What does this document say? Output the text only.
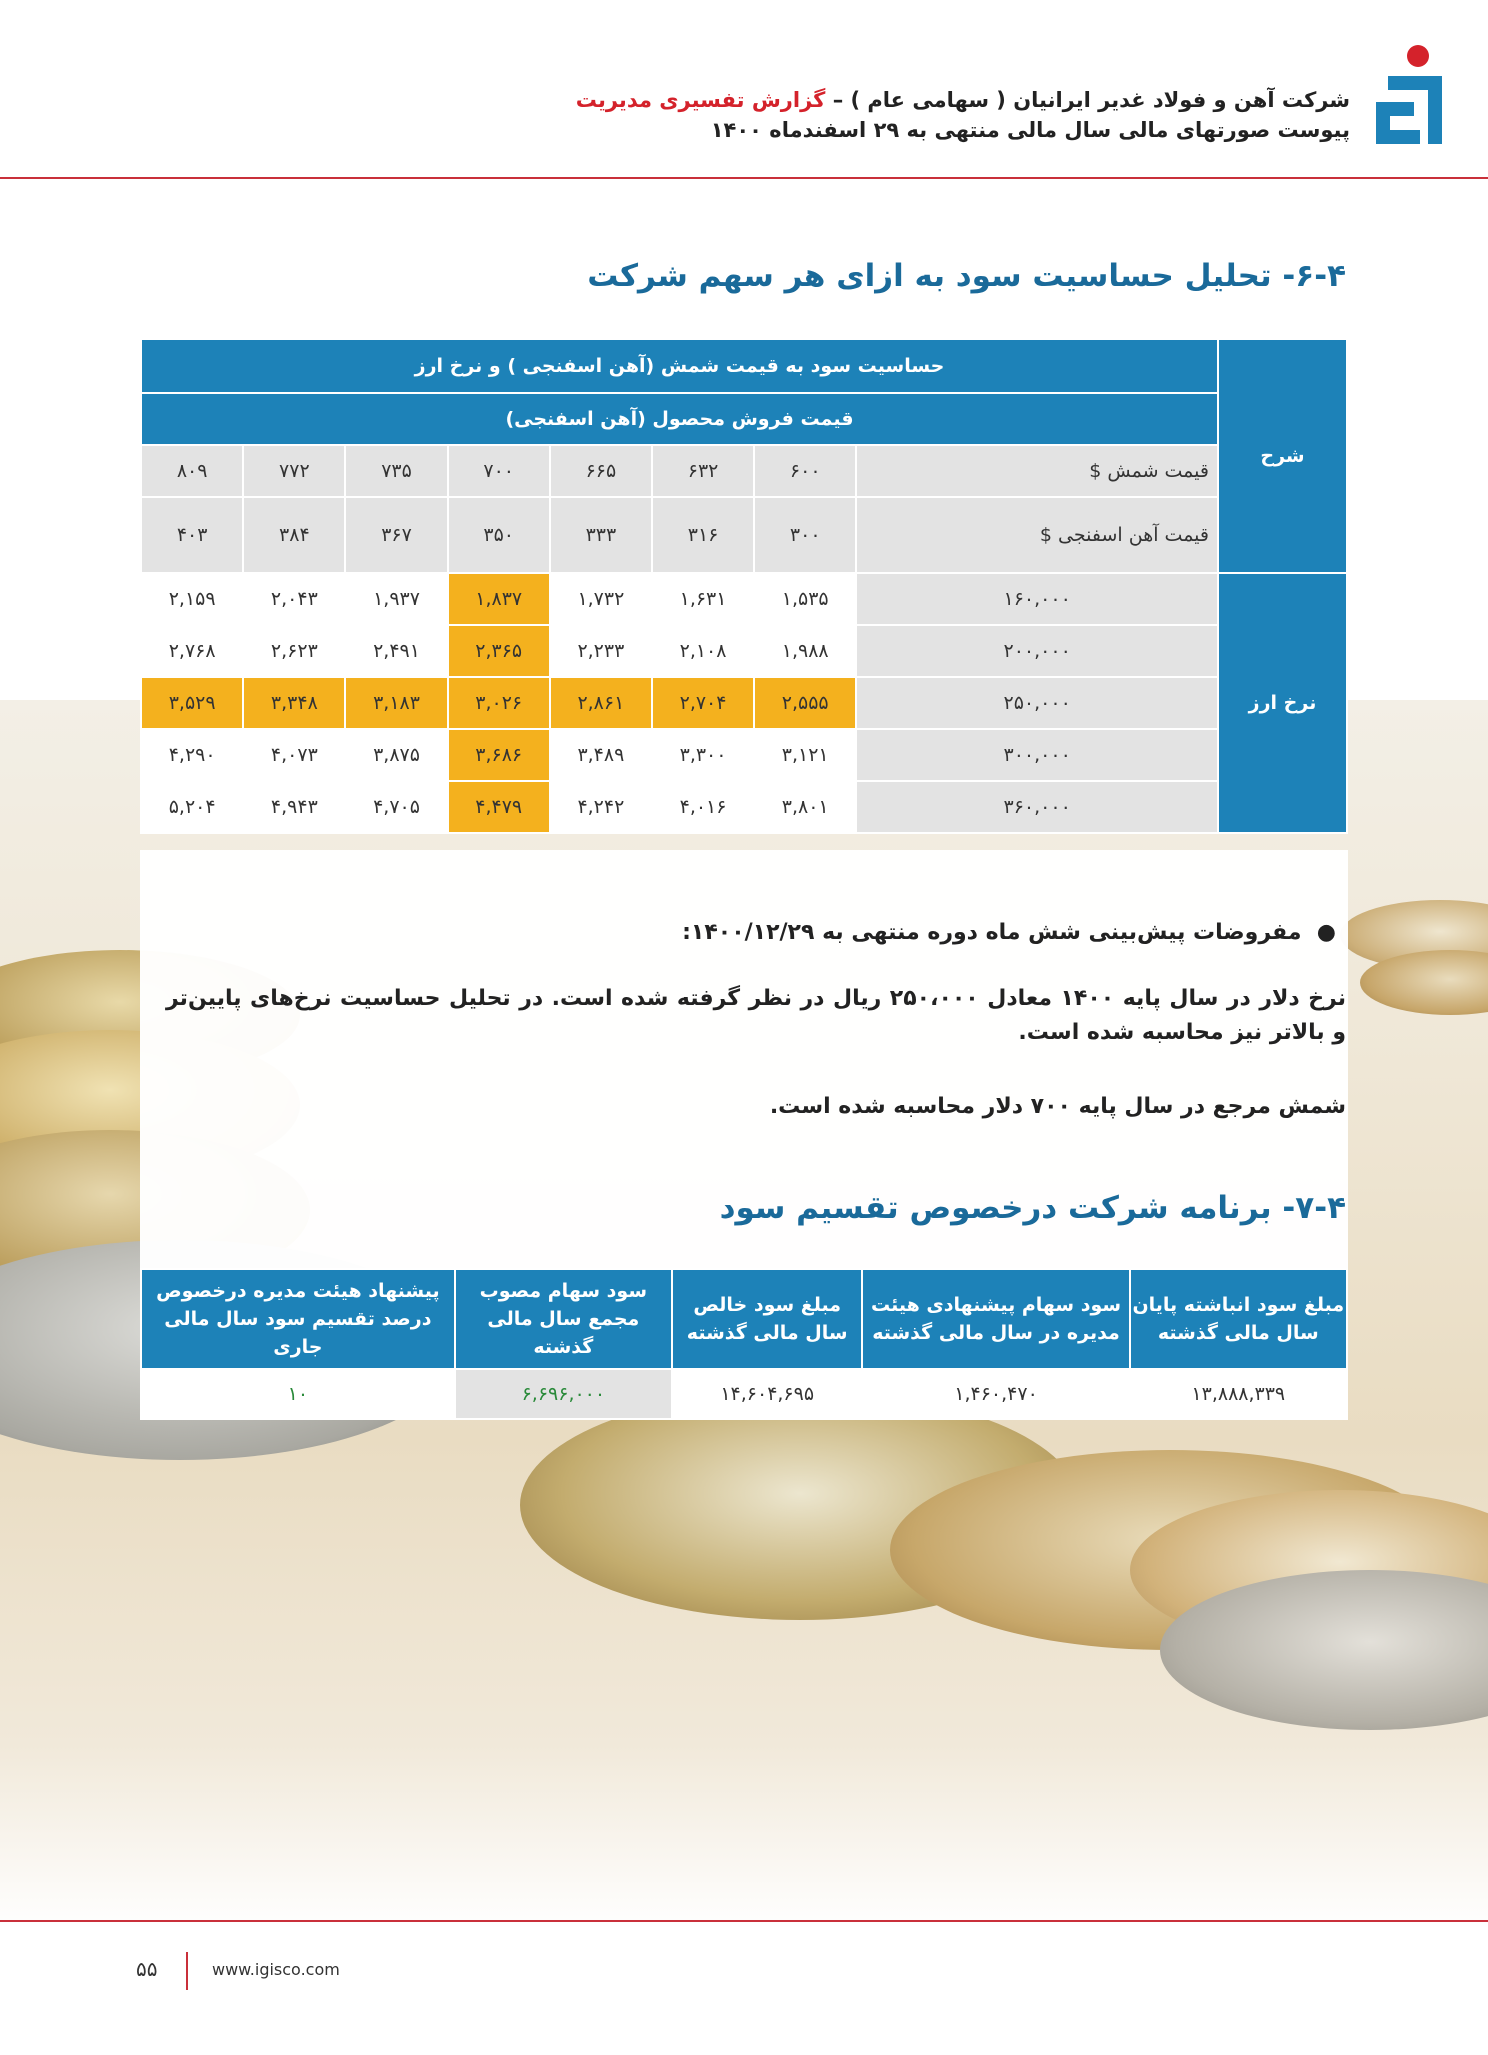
شرکت آهن و فولاد غدیر ایرانیان ( سهامی عام ) – گزارش تفسیری مدیریت
پیوست صورتهای مالی سال مالی منتهی به ۲۹ اسفندماه ۱۴۰۰
۶-۴- تحلیل حساسیت سود به ازای هر سهم شرکت
شرح	حساسیت سود به قیمت شمش (آهن اسفنجی ) و نرخ ارز							
	قیمت فروش محصول (آهن اسفنجی)							
	قیمت شمش $	۶۰۰	۶۳۲	۶۶۵	۷۰۰	۷۳۵	۷۷۲	۸۰۹
	قیمت آهن اسفنجی $	۳۰۰	۳۱۶	۳۳۳	۳۵۰	۳۶۷	۳۸۴	۴۰۳
نرخ ارز	۱۶۰,۰۰۰	۱,۵۳۵	۱,۶۳۱	۱,۷۳۲	۱,۸۳۷	۱,۹۳۷	۲,۰۴۳	۲,۱۵۹
	۲۰۰,۰۰۰	۱,۹۸۸	۲,۱۰۸	۲,۲۳۳	۲,۳۶۵	۲,۴۹۱	۲,۶۲۳	۲,۷۶۸
	۲۵۰,۰۰۰	۲,۵۵۵	۲,۷۰۴	۲,۸۶۱	۳,۰۲۶	۳,۱۸۳	۳,۳۴۸	۳,۵۲۹
	۳۰۰,۰۰۰	۳,۱۲۱	۳,۳۰۰	۳,۴۸۹	۳,۶۸۶	۳,۸۷۵	۴,۰۷۳	۴,۲۹۰
	۳۶۰,۰۰۰	۳,۸۰۱	۴,۰۱۶	۴,۲۴۲	۴,۴۷۹	۴,۷۰۵	۴,۹۴۳	۵,۲۰۴
●  مفروضات پیش‌بینی شش ماه دوره منتهی به ۱۴۰۰/۱۲/۲۹:
نرخ دلار در سال پایه ۱۴۰۰ معادل ۲۵۰،۰۰۰ ریال در نظر گرفته شده است. در تحلیل حساسیت نرخ‌های پایین‌تر و بالاتر نیز محاسبه شده است.
شمش مرجع در سال پایه ۷۰۰ دلار محاسبه شده است.
۷-۴- برنامه شرکت درخصوص تقسیم سود
مبلغ سود انباشته پایان سال مالی گذشته	سود سهام پیشنهادی هیئت مدیره در سال مالی گذشته	مبلغ سود خالص سال مالی گذشته	سود سهام مصوب مجمع سال مالی گذشته	پیشنهاد هیئت مدیره درخصوص درصد تقسیم سود سال مالی جاری
۱۳,۸۸۸,۳۳۹	۱,۴۶۰,۴۷۰	۱۴,۶۰۴,۶۹۵	۶,۶۹۶,۰۰۰	۱۰
۵۵	www.igisco.com
